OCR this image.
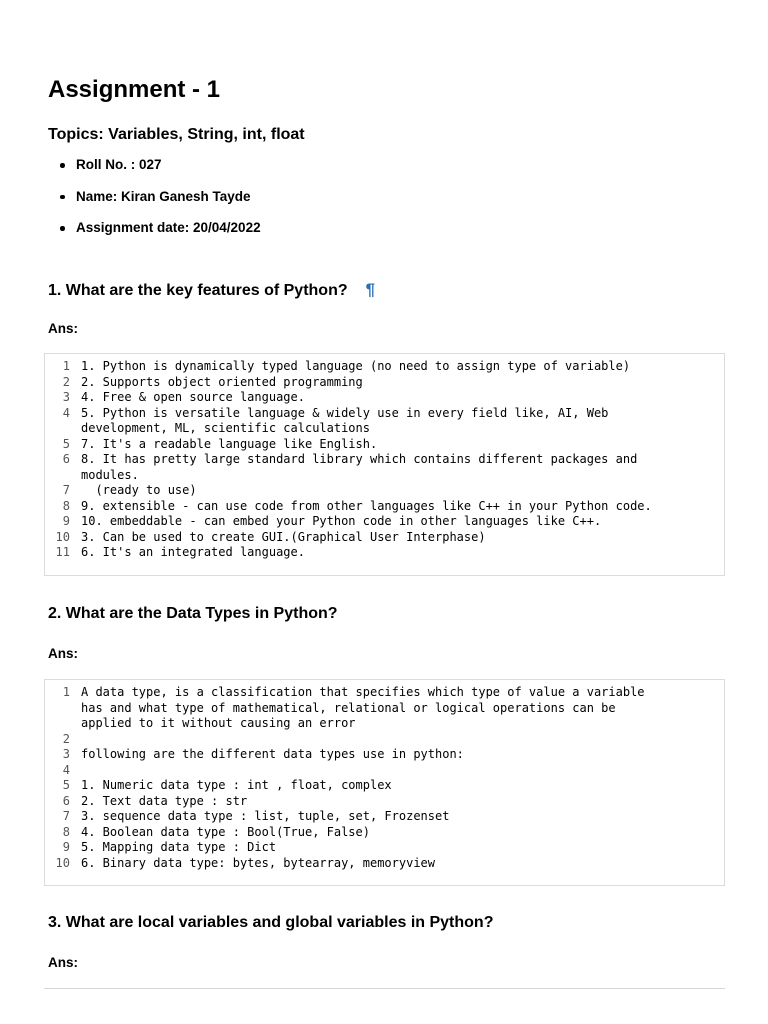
Assignment - 1
Topics: Variables, String, int, float
Roll No. : 027
Name: Kiran Ganesh Tayde
Assignment date: 20/04/2022
1. What are the key features of Python? ¶

Ans:

1 1. Python is dynamically typed language (no need to assign type of variable)
2 2. Supports object oriented programming
3 4. Free & open source language.
4 5. Python is versatile language & widely use in every field like, AI, Web
development, ML, scientific calculations
5 7. It's a readable language like English.
6 8. It has pretty large standard library which contains different packages and
modules.
7 (ready to use)
8 9. extensible - can use code from other languages like C++ in your Python code.
9 10. embeddable - can embed your Python code in other languages like C++.
10 3. Can be used to create GUI.(Graphical User Interphase)
11 6. It's an integrated language.
2. What are the Data Types in Python?

Ans:

1 A data type, is a classification that specifies which type of value a variable
has and what type of mathematical, relational or logical operations can be
applied to it without causing an error
2
3 following are the different data types use in python:
4
5 1. Numeric data type : int , float, complex
6 2. Text data type : str
7 3. sequence data type : list, tuple, set, Frozenset
8 4. Boolean data type : Bool(True, False)
9 5. Mapping data type : Dict
10 6. Binary data type: bytes, bytearray, memoryview
3. What are local variables and global variables in Python?

Ans:
